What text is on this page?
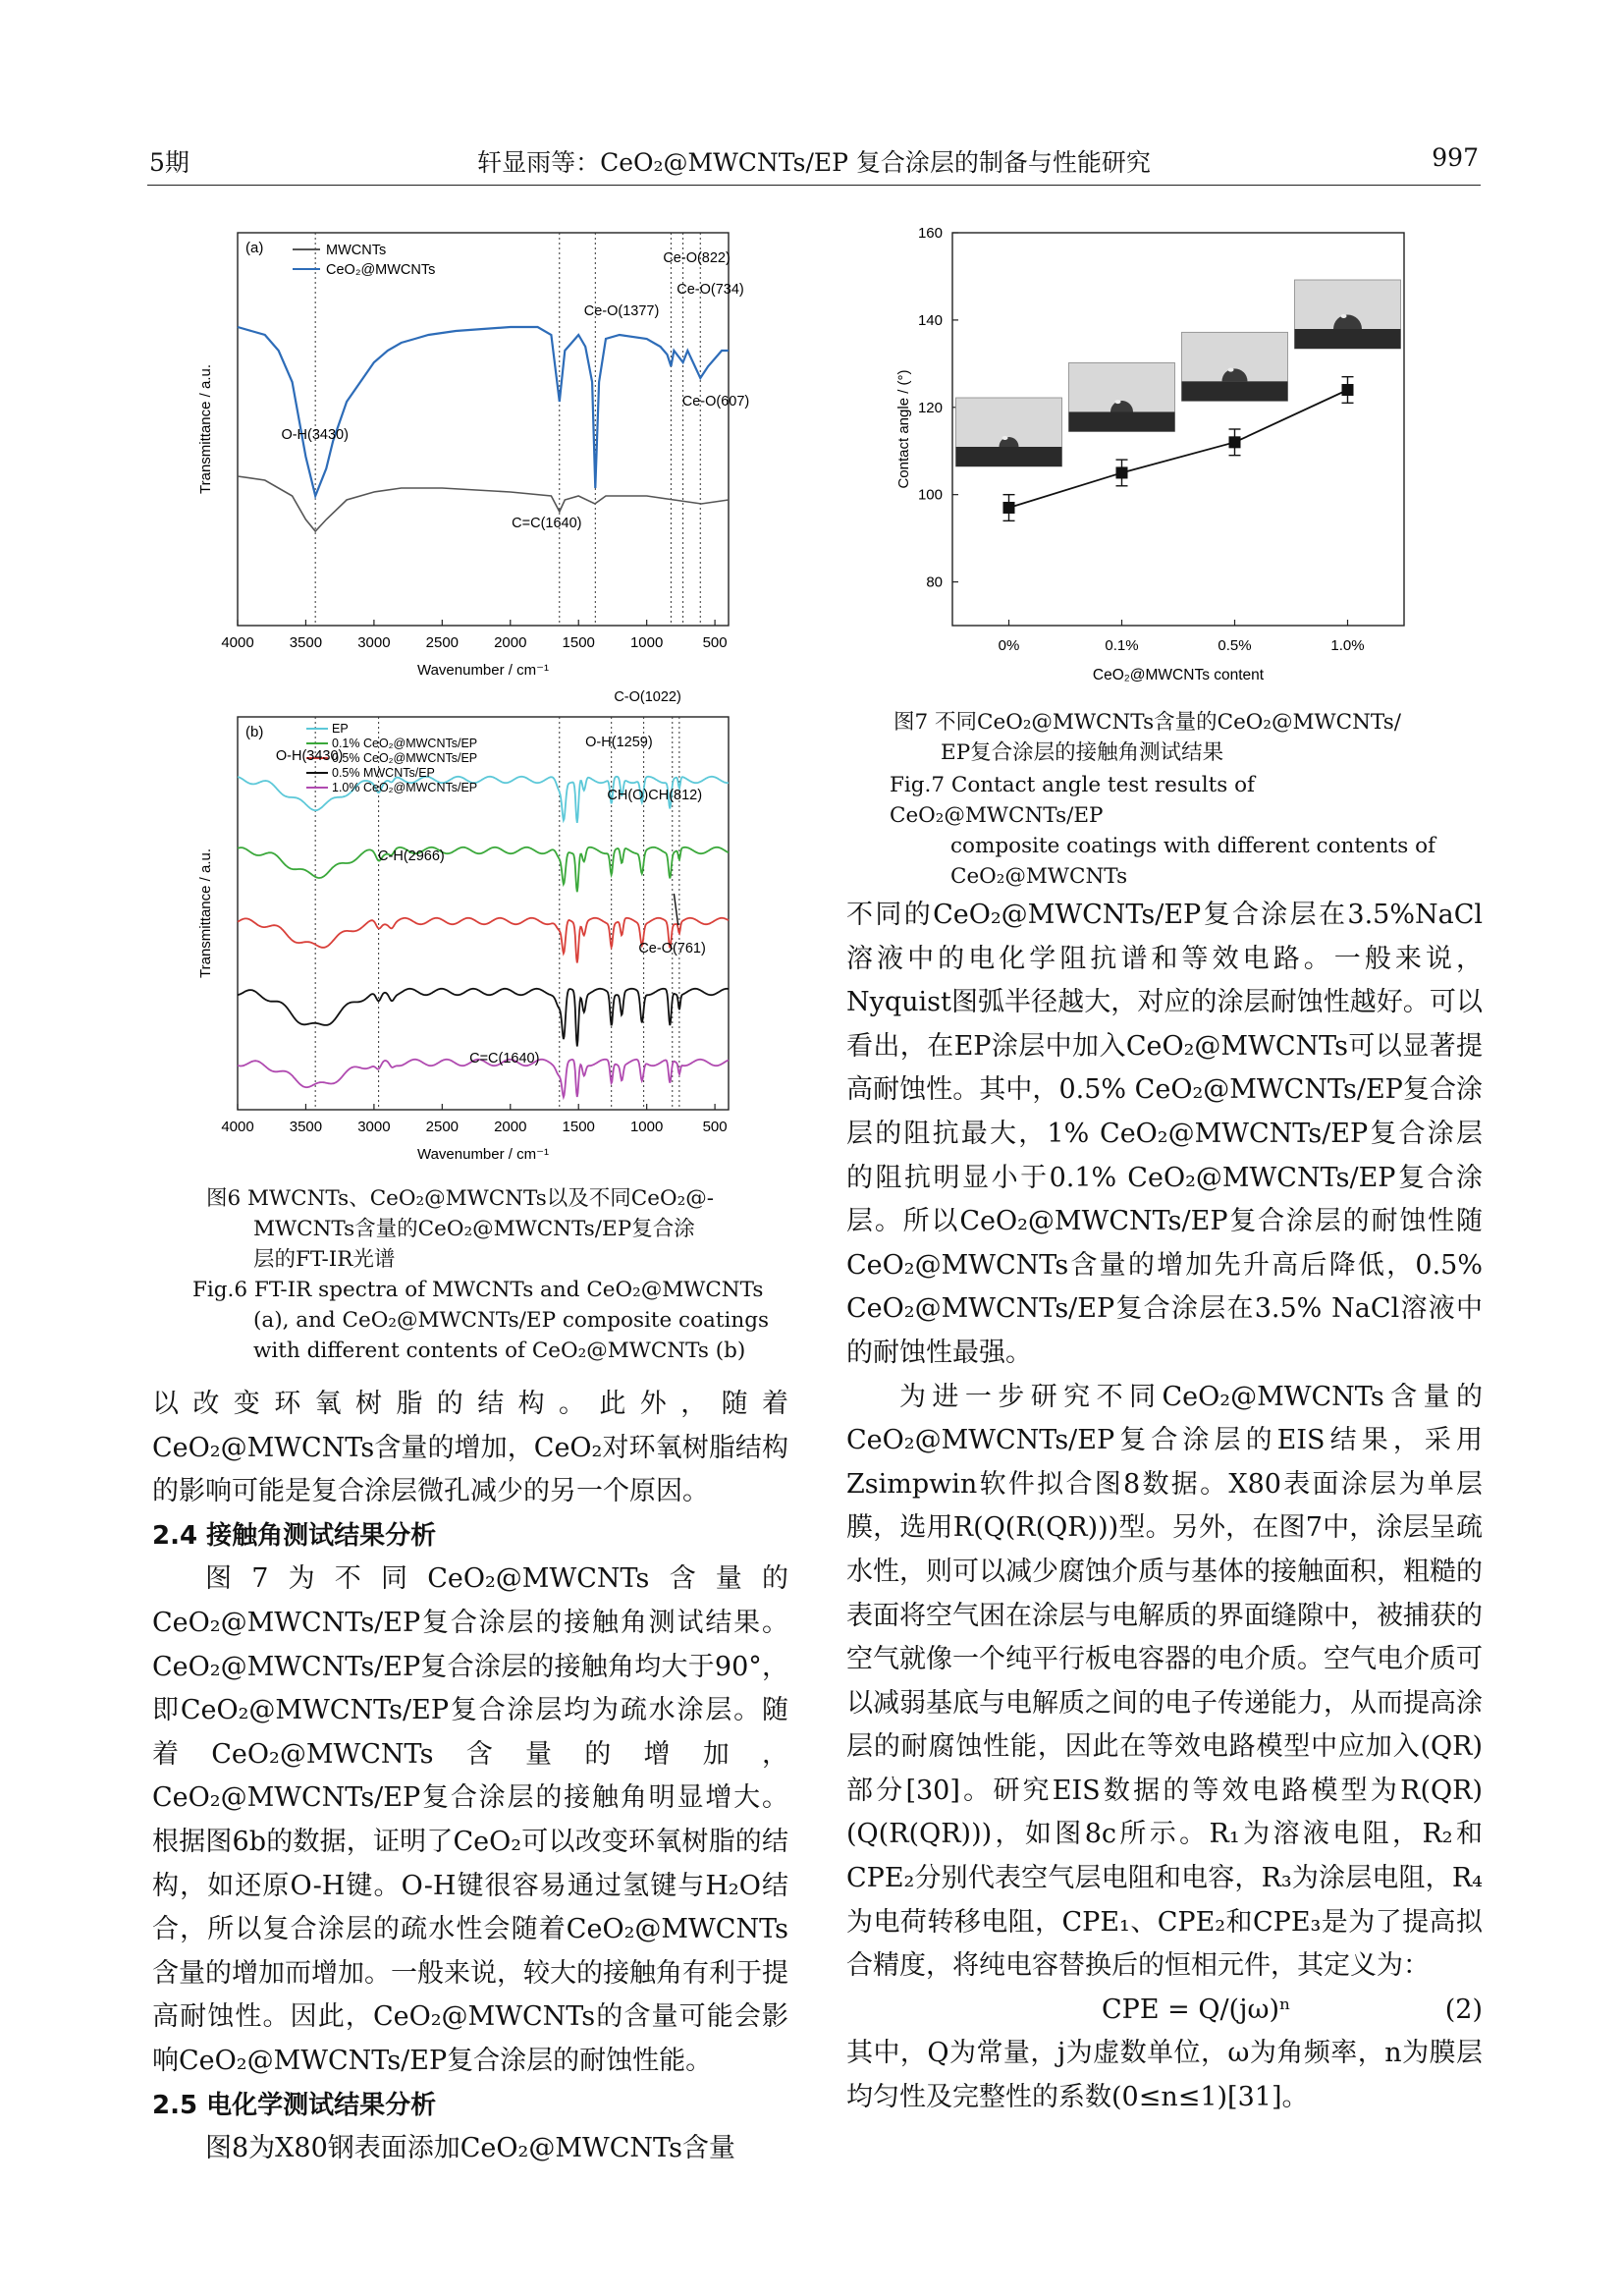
5期	轩显雨等：CeO₂@MWCNTs/EP 复合涂层的制备与性能研究	997
4000 3500 3000 2500 2000 1500 1000	500
Wavenumber / cm⁻¹
Transmittance / a.u.
(a)	MWCNTs
CeO₂@MWCNTs
O-H(3430)
C=C(1640)
Ce-O(1377)
Ce-O(822)
Ce-O(734)
Ce-O(607)
4000 3500 3000 2500 2000 1500 1000	500
Wavenumber / cm⁻¹
Transmittance / a.u.
(b)	EP
0.1% CeO₂@MWCNTs/EP
0.5% CeO₂@MWCNTs/EP
0.5% MWCNTs/EP
1.0% CeO₂@MWCNTs/EP
O-H(3430)
C-H(2966)
C=C(1640)
O-H(1259)
C-O(1022)
CH(O)CH(812)
Ce-O(761)
图6 MWCNTs、CeO₂@MWCNTs以及不同CeO₂@-
MWCNTs含量的CeO₂@MWCNTs/EP复合涂
层的FT-IR光谱
Fig.6 FT-IR spectra of MWCNTs and CeO₂@MWCNTs
(a), and CeO₂@MWCNTs/EP composite coatings
with different contents of CeO₂@MWCNTs (b)
80
100
120
140
160
0%	0.1%	0.5%	1.0%
CeO₂@MWCNTs content
Contact angle / (°)
图7 不同CeO₂@MWCNTs含量的CeO₂@MWCNTs/
EP复合涂层的接触角测试结果
Fig.7 Contact angle test results of CeO₂@MWCNTs/EP
composite coatings with different contents of
CeO₂@MWCNTs

以改变环氧树脂的结构。此外，随着CeO₂@MWCNTs含量的增加，CeO₂对环氧树脂结构的影响可能是复合涂层微孔减少的另一个原因。

2.4 接触角测试结果分析

图7为不同CeO₂@MWCNTs含量的CeO₂@MWCNTs/EP复合涂层的接触角测试结果。CeO₂@MWCNTs/EP复合涂层的接触角均大于90°，即CeO₂@MWCNTs/EP复合涂层均为疏水涂层。随着CeO₂@MWCNTs含量的增加，CeO₂@MWCNTs/EP复合涂层的接触角明显增大。根据图6b的数据，证明了CeO₂可以改变环氧树脂的结构，如还原O-H键。O-H键很容易通过氢键与H₂O结合，所以复合涂层的疏水性会随着CeO₂@MWCNTs含量的增加而增加。一般来说，较大的接触角有利于提高耐蚀性。因此，CeO₂@MWCNTs的含量可能会影响CeO₂@MWCNTs/EP复合涂层的耐蚀性能。

2.5 电化学测试结果分析

图8为X80钢表面添加CeO₂@MWCNTs含量

不同的CeO₂@MWCNTs/EP复合涂层在3.5%NaCl溶液中的电化学阻抗谱和等效电路。一般来说，Nyquist图弧半径越大，对应的涂层耐蚀性越好。可以看出，在EP涂层中加入CeO₂@MWCNTs可以显著提高耐蚀性。其中，0.5% CeO₂@MWCNTs/EP复合涂层的阻抗最大，1% CeO₂@MWCNTs/EP复合涂层的阻抗明显小于0.1% CeO₂@MWCNTs/EP复合涂层。所以CeO₂@MWCNTs/EP复合涂层的耐蚀性随CeO₂@MWCNTs含量的增加先升高后降低，0.5% CeO₂@MWCNTs/EP复合涂层在3.5% NaCl溶液中的耐蚀性最强。

为进一步研究不同CeO₂@MWCNTs含量的CeO₂@MWCNTs/EP复合涂层的EIS结果，采用Zsimpwin软件拟合图8数据。X80表面涂层为单层膜，选用R(Q(R(QR)))型。另外，在图7中，涂层呈疏水性，则可以减少腐蚀介质与基体的接触面积，粗糙的表面将空气困在涂层与电解质的界面缝隙中，被捕获的空气就像一个纯平行板电容器的电介质。空气电介质可以减弱基底与电解质之间的电子传递能力，从而提高涂层的耐腐蚀性能，因此在等效电路模型中应加入(QR)部分[30]。研究EIS数据的等效电路模型为R(QR)(Q(R(QR)))，如图8c所示。R₁为溶液电阻，R₂和CPE₂分别代表空气层电阻和电容，R₃为涂层电阻，R₄为电荷转移电阻，CPE₁、CPE₂和CPE₃是为了提高拟合精度，将纯电容替换后的恒相元件，其定义为：

CPE = Q/(jω)ⁿ	(2)

其中，Q为常量，j为虚数单位，ω为角频率，n为膜层均匀性及完整性的系数(0≤n≤1)[31]。
